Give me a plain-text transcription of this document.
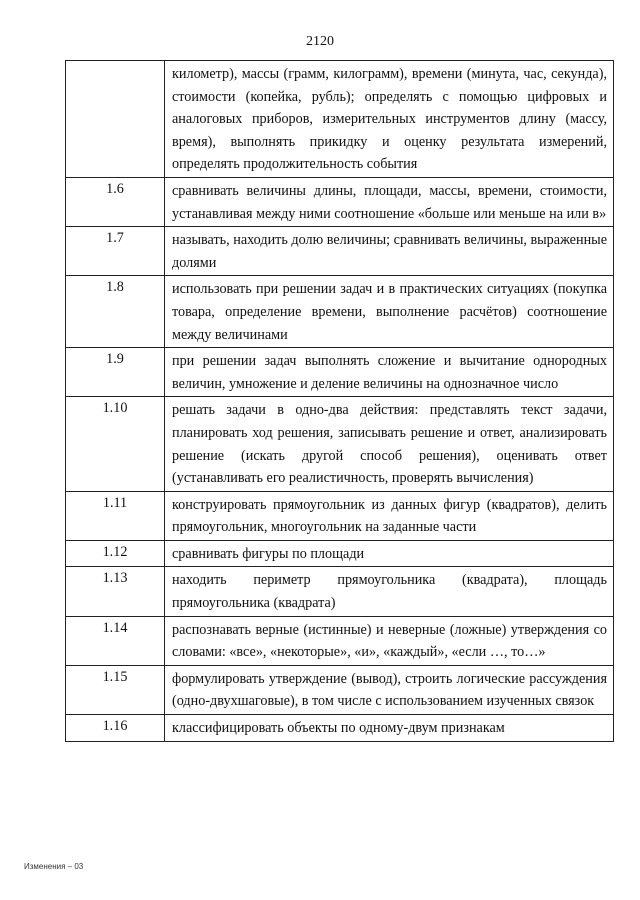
2120
	километр), массы (грамм, килограмм), времени (минута, час, секунда), стоимости (копейка, рубль); определять с помощью цифровых и аналоговых приборов, измерительных инструментов длину (массу, время), выполнять прикидку и оценку результата измерений, определять продолжительность события
1.6	сравнивать величины длины, площади, массы, времени, стоимости, устанавливая между ними соотношение «больше или меньше на или в»
1.7	называть, находить долю величины; сравнивать величины, выраженные долями
1.8	использовать при решении задач и в практических ситуациях (покупка товара, определение времени, выполнение расчётов) соотношение между величинами
1.9	при решении задач выполнять сложение и вычитание однородных величин, умножение и деление величины на однозначное число
1.10	решать задачи в одно-два действия: представлять текст задачи, планировать ход решения, записывать решение и ответ, анализировать решение (искать другой способ решения), оценивать ответ (устанавливать его реалистичность, проверять вычисления)
1.11	конструировать прямоугольник из данных фигур (квадратов), делить прямоугольник, многоугольник на заданные части
1.12	сравнивать фигуры по площади
1.13	находить периметр прямоугольника (квадрата), площадь прямоугольника (квадрата)
1.14	распознавать верные (истинные) и неверные (ложные) утверждения со словами: «все», «некоторые», «и», «каждый», «если …, то…»
1.15	формулировать утверждение (вывод), строить логические рассуждения (одно-двухшаговые), в том числе с использованием изученных связок
1.16	классифицировать объекты по одному-двум признакам
Изменения – 03
